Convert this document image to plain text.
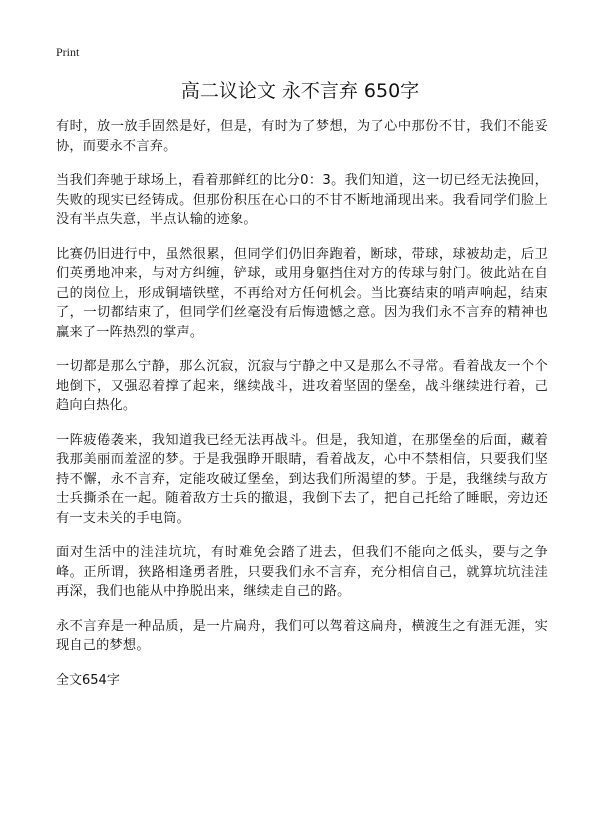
Print
高二议论文 永不言弃 650字

有时，放一放手固然是好，但是，有时为了梦想，为了心中那份不甘，我们不能妥协，而要永不言弃。

当我们奔驰于球场上，看着那鲜红的比分0：3。我们知道，这一切已经无法挽回，失败的现实已经铸成。但那份积压在心口的不甘不断地涌现出来。我看同学们脸上没有半点失意，半点认输的迹象。

比赛仍旧进行中，虽然很累，但同学们仍旧奔跑着，断球，带球，球被劫走，后卫们英勇地冲来，与对方纠缠，铲球，或用身躯挡住对方的传球与射门。彼此站在自己的岗位上，形成铜墙铁壁，不再给对方任何机会。当比赛结束的哨声响起，结束了，一切都结束了，但同学们丝毫没有后悔遗憾之意。因为我们永不言弃的精神也赢来了一阵热烈的掌声。

一切都是那么宁静，那么沉寂，沉寂与宁静之中又是那么不寻常。看着战友一个个地倒下，又强忍着撑了起来，继续战斗，进攻着坚固的堡垒，战斗继续进行着，己趋向白热化。

一阵疲倦袭来，我知道我已经无法再战斗。但是，我知道，在那堡垒的后面，藏着我那美丽而羞涩的梦。于是我强睁开眼睛，看着战友，心中不禁相信，只要我们坚持不懈，永不言弃，定能攻破辽堡垒，到达我们所渴望的梦。于是，我继续与敌方士兵撕杀在一起。随着敌方士兵的撤退，我倒下去了，把自己托给了睡眠，旁边还有一支未关的手电筒。

面对生活中的洼洼坑坑，有时难免会踏了进去，但我们不能向之低头，要与之争峰。正所谓，狭路相逢勇者胜，只要我们永不言弃，充分相信自己，就算坑坑洼洼再深，我们也能从中挣脱出来，继续走自己的路。

永不言弃是一种品质，是一片扁舟，我们可以驾着这扁舟，横渡生之有涯无涯，实现自己的梦想。

全文654字
